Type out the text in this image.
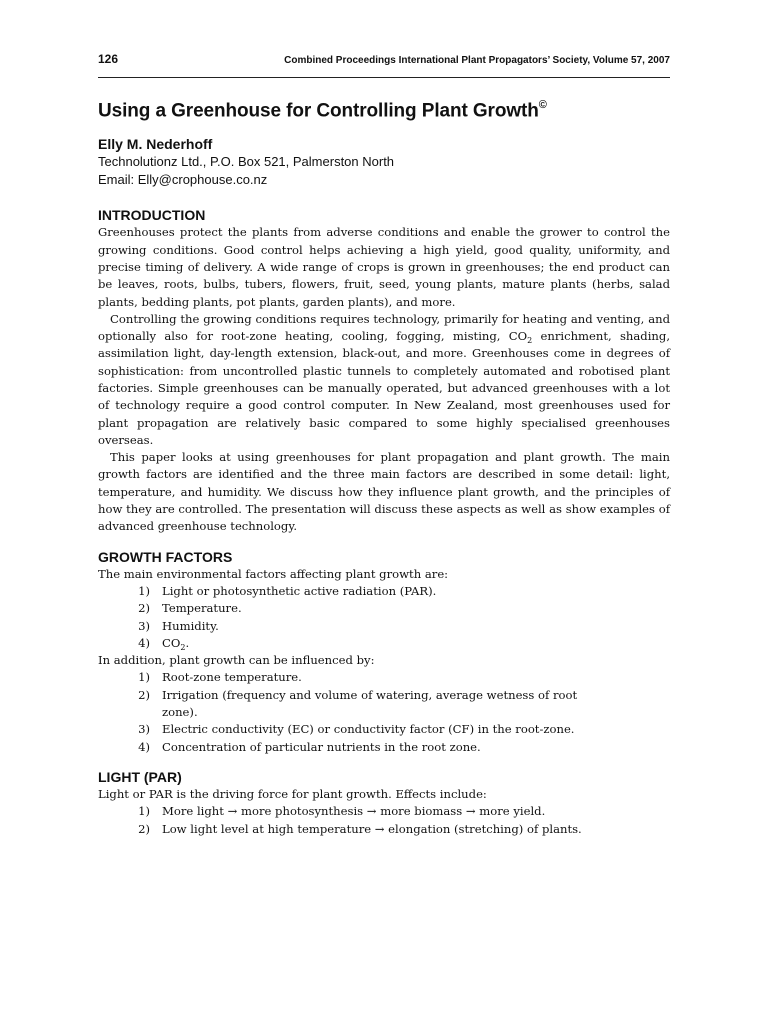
126	Combined Proceedings International Plant Propagators’ Society, Volume 57, 2007
Using a Greenhouse for Controlling Plant Growth©
Elly M. Nederhoff
Technolutionz Ltd., P.O. Box 521, Palmerston North
Email: Elly@crophouse.co.nz
INTRODUCTION

Greenhouses protect the plants from adverse conditions and enable the grower to control the growing conditions. Good control helps achieving a high yield, good quality, uniformity, and precise timing of delivery. A wide range of crops is grown in greenhouses; the end product can be leaves, roots, bulbs, tubers, flowers, fruit, seed, young plants, mature plants (herbs, salad plants, bedding plants, pot plants, garden plants), and more.

Controlling the growing conditions requires technology, primarily for heating and venting, and optionally also for root-zone heating, cooling, fogging, misting, $CO_2$ enrichment, shading, assimilation light, day-length extension, black-out, and more. Greenhouses come in degrees of sophistication: from uncontrolled plastic tunnels to completely automated and robotised plant factories. Simple greenhouses can be manually operated, but advanced greenhouses with a lot of technology require a good control computer. In New Zealand, most greenhouses used for plant propagation are relatively basic compared to some highly specialised greenhouses overseas.

This paper looks at using greenhouses for plant propagation and plant growth. The main growth factors are identified and the three main factors are described in some detail: light, temperature, and humidity. We discuss how they influence plant growth, and the principles of how they are controlled. The presentation will discuss these aspects as well as show examples of advanced greenhouse technology.

GROWTH FACTORS

The main environmental factors affecting plant growth are:

1)	Light or photosynthetic active radiation (PAR).
2)	Temperature.
3)	Humidity.
4)	$CO_2$.

In addition, plant growth can be influenced by:

1)	Root-zone temperature.
2)	Irrigation (frequency and volume of watering, average wetness of root zone).
3)	Electric conductivity (EC) or conductivity factor (CF) in the root-zone.
4)	Concentration of particular nutrients in the root zone.
LIGHT (PAR)

Light or PAR is the driving force for plant growth. Effects include:

1)	More light → more photosynthesis → more biomass → more yield.
2)	Low light level at high temperature → elongation (stretching) of plants.
